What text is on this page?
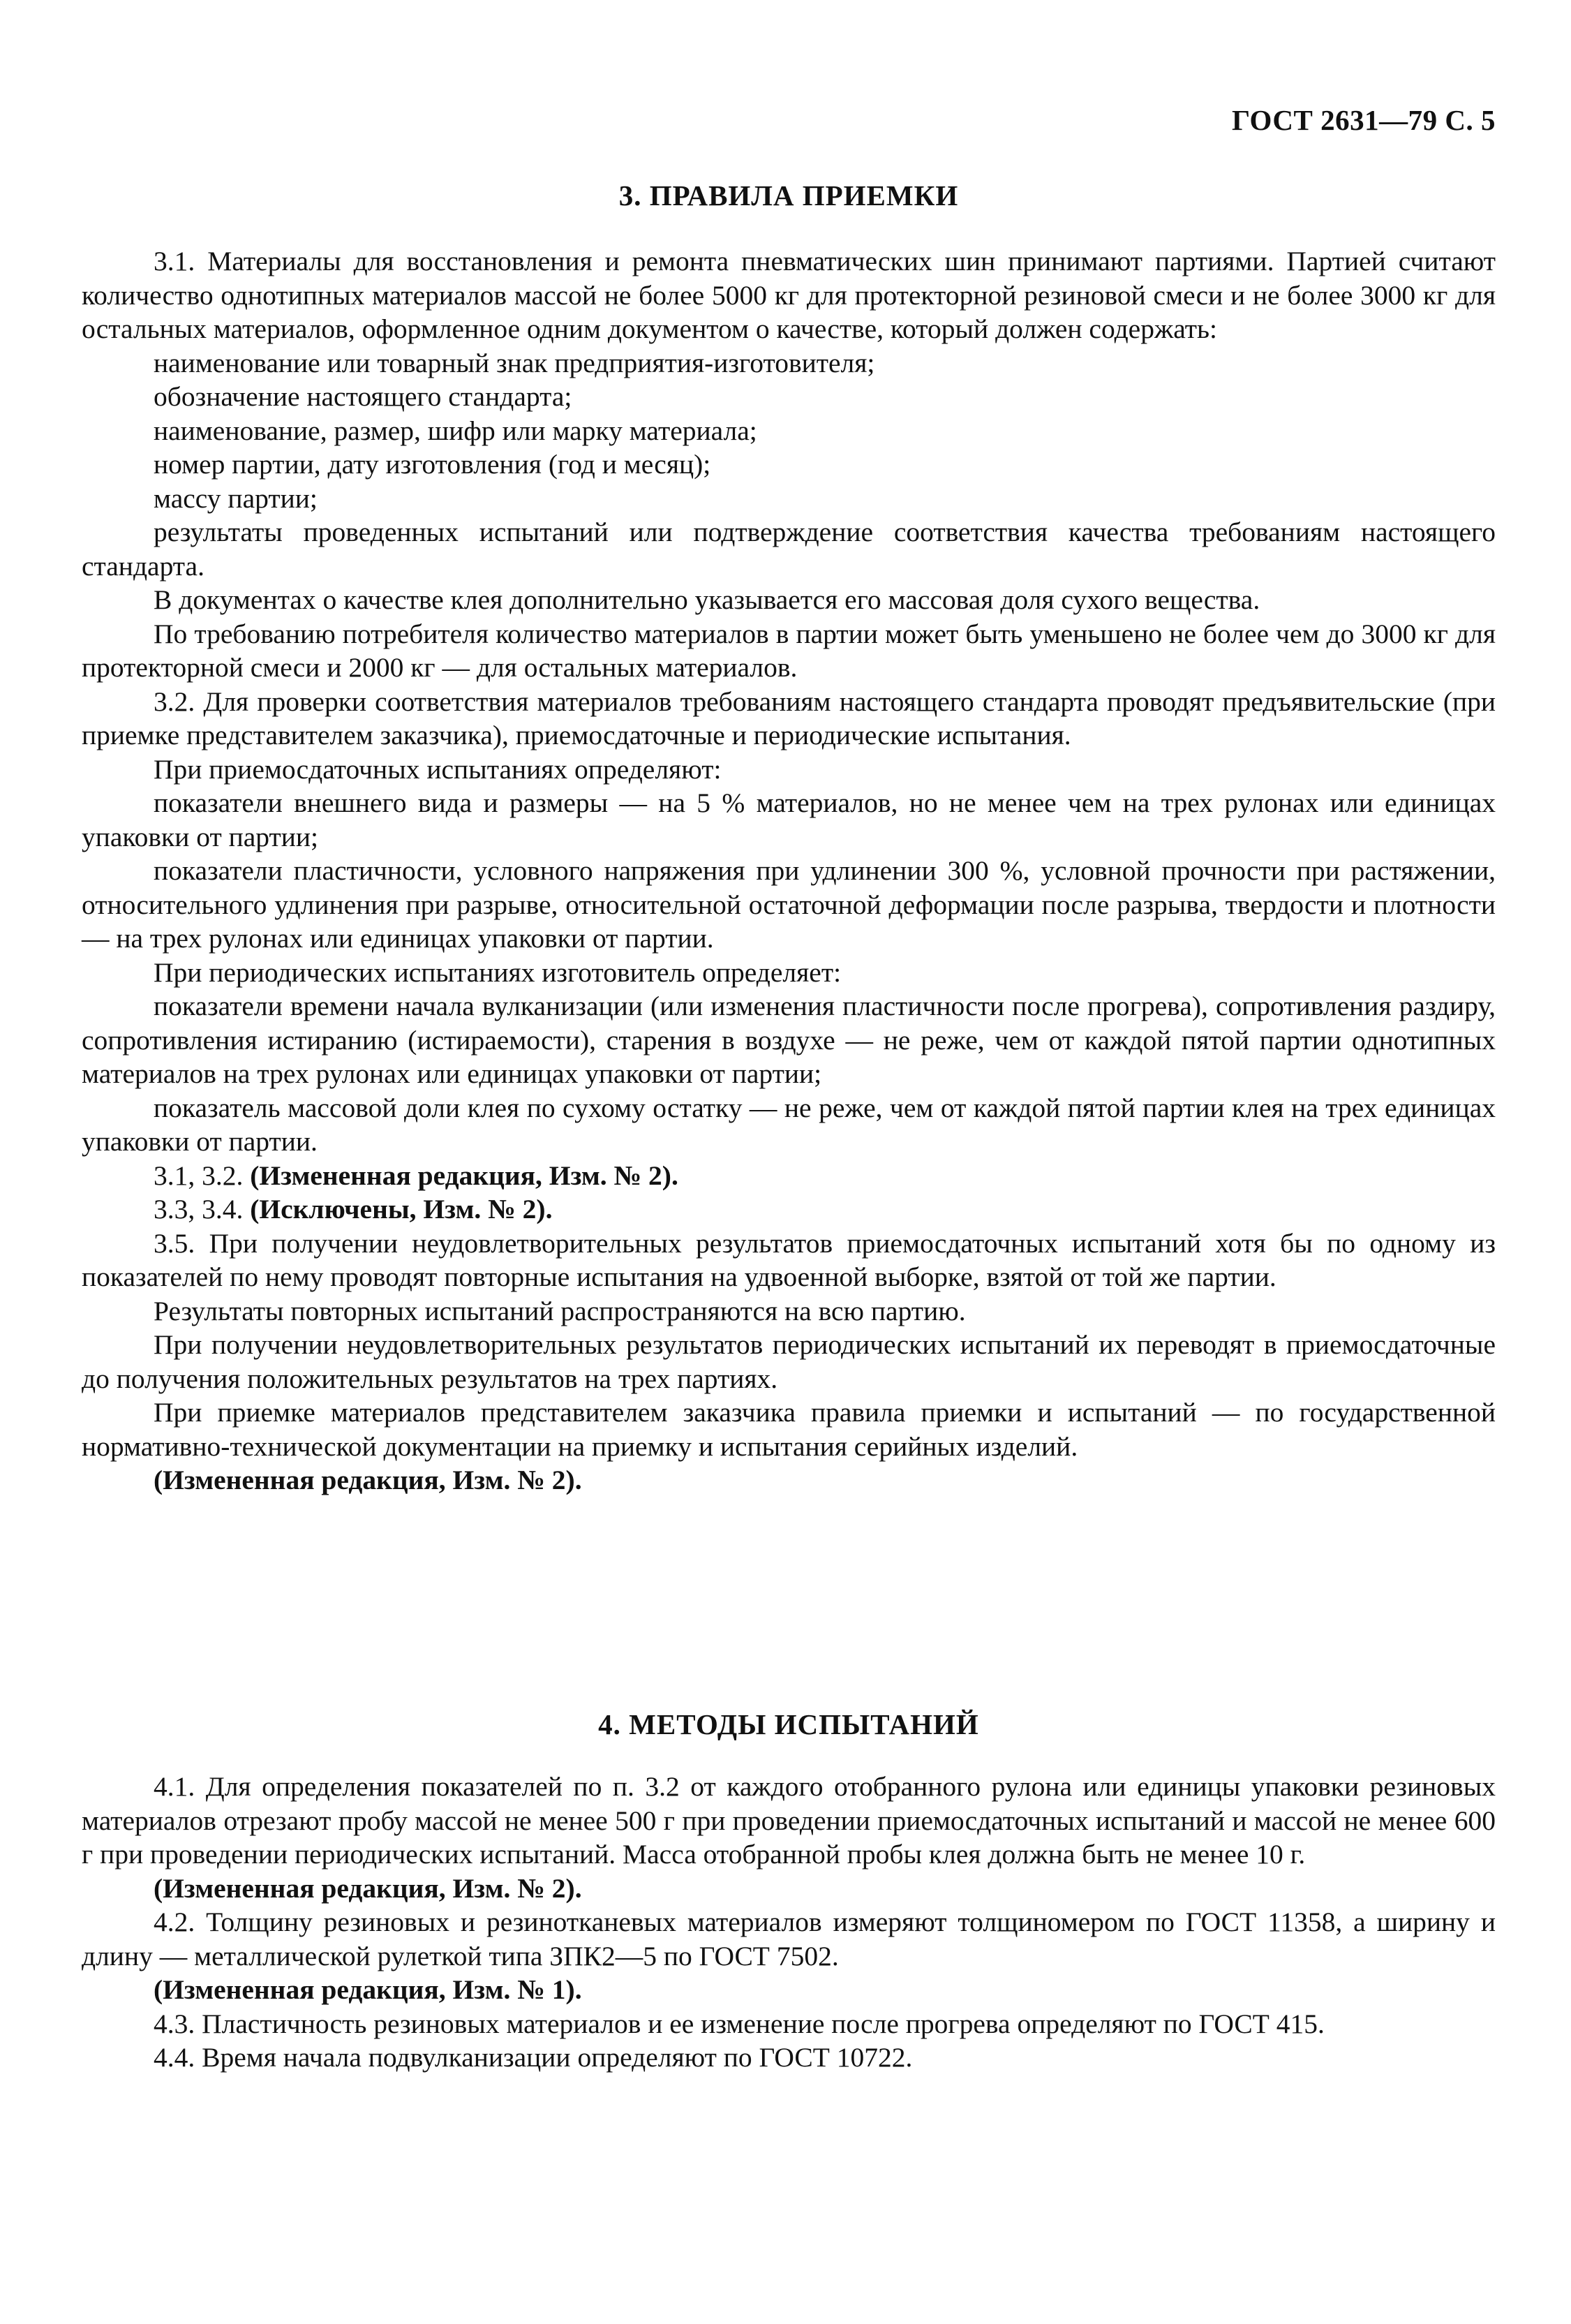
ГОСТ 2631—79 С. 5
3. ПРАВИЛА ПРИЕМКИ

3.1. Материалы для восстановления и ремонта пневматических шин принимают партиями. Партией считают количество однотипных материалов массой не более 5000 кг для протекторной резиновой смеси и не более 3000 кг для остальных материалов, оформленное одним документом о качестве, который должен содержать:

наименование или товарный знак предприятия-изготовителя;

обозначение настоящего стандарта;

наименование, размер, шифр или марку материала;

номер партии, дату изготовления (год и месяц);

массу партии;

результаты проведенных испытаний или подтверждение соответствия качества требованиям настоящего стандарта.

В документах о качестве клея дополнительно указывается его массовая доля сухого вещества.

По требованию потребителя количество материалов в партии может быть уменьшено не более чем до 3000 кг для протекторной смеси и 2000 кг — для остальных материалов.

3.2. Для проверки соответствия материалов требованиям настоящего стандарта проводят предъявительские (при приемке представителем заказчика), приемосдаточные и периодические испытания.

При приемосдаточных испытаниях определяют:

показатели внешнего вида и размеры — на 5 % материалов, но не менее чем на трех рулонах или единицах упаковки от партии;

показатели пластичности, условного напряжения при удлинении 300 %, условной прочности при растяжении, относительного удлинения при разрыве, относительной остаточной деформации после разрыва, твердости и плотности — на трех рулонах или единицах упаковки от партии.

При периодических испытаниях изготовитель определяет:

показатели времени начала вулканизации (или изменения пластичности после прогрева), сопротивления раздиру, сопротивления истиранию (истираемости), старения в воздухе — не реже, чем от каждой пятой партии однотипных материалов на трех рулонах или единицах упаковки от партии;

показатель массовой доли клея по сухому остатку — не реже, чем от каждой пятой партии клея на трех единицах упаковки от партии.

3.1, 3.2. (Измененная редакция, Изм. № 2).

3.3, 3.4. (Исключены, Изм. № 2).

3.5. При получении неудовлетворительных результатов приемосдаточных испытаний хотя бы по одному из показателей по нему проводят повторные испытания на удвоенной выборке, взятой от той же партии.

Результаты повторных испытаний распространяются на всю партию.

При получении неудовлетворительных результатов периодических испытаний их переводят в приемосдаточные до получения положительных результатов на трех партиях.

При приемке материалов представителем заказчика правила приемки и испытаний — по государственной нормативно-технической документации на приемку и испытания серийных изделий.

(Измененная редакция, Изм. № 2).

4. МЕТОДЫ ИСПЫТАНИЙ

4.1. Для определения показателей по п. 3.2 от каждого отобранного рулона или единицы упаковки резиновых материалов отрезают пробу массой не менее 500 г при проведении приемосдаточных испытаний и массой не менее 600 г при проведении периодических испытаний. Масса отобранной пробы клея должна быть не менее 10 г.

(Измененная редакция, Изм. № 2).

4.2. Толщину резиновых и резинотканевых материалов измеряют толщиномером по ГОСТ 11358, а ширину и длину — металлической рулеткой типа ЗПК2—5 по ГОСТ 7502.

(Измененная редакция, Изм. № 1).

4.3. Пластичность резиновых материалов и ее изменение после прогрева определяют по ГОСТ 415.

4.4. Время начала подвулканизации определяют по ГОСТ 10722.
